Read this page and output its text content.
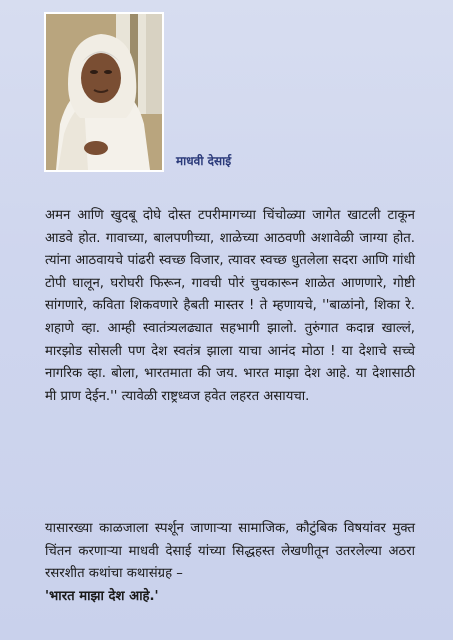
माधवी देसाई
अमन आणि खुदबू दोघे दोस्त टपरीमागच्या चिंचोळ्या जागेत खाटली टाकून आडवे होत. गावाच्या, बालपणीच्या, शाळेच्या आठवणी अशावेळी जाग्या होत. त्यांना आठवायचे पांढरी स्वच्छ विजार, त्यावर स्वच्छ धुतलेला सदरा आणि गांधी टोपी घालून, घरोघरी फिरून, गावची पोरं चुचकारून शाळेत आणणारे, गोष्टी सांगणारे, कविता शिकवणारे हैबती मास्तर ! ते म्हणायचे, ''बाळांनो, शिका रे. शहाणे व्हा. आम्ही स्वातंत्र्यलढ्यात सहभागी झालो. तुरुंगात कदान्न खाल्लं, मारझोड सोसली पण देश स्वतंत्र झाला याचा आनंद मोठा ! या देशाचे सच्चे नागरिक व्हा. बोला, भारतमाता की जय. भारत माझा देश आहे. या देशासाठी मी प्राण देईन.'' त्यावेळी राष्ट्रध्वज हवेत लहरत असायचा.
यासारख्या काळजाला स्पर्शून जाणाऱ्या सामाजिक, कौटुंबिक विषयांवर मुक्त चिंतन करणाऱ्या माधवी देसाई यांच्या सिद्धहस्त लेखणीतून उतरलेल्या अठरा रसरशीत कथांचा कथासंग्रह –
'भारत माझा देश आहे.'
